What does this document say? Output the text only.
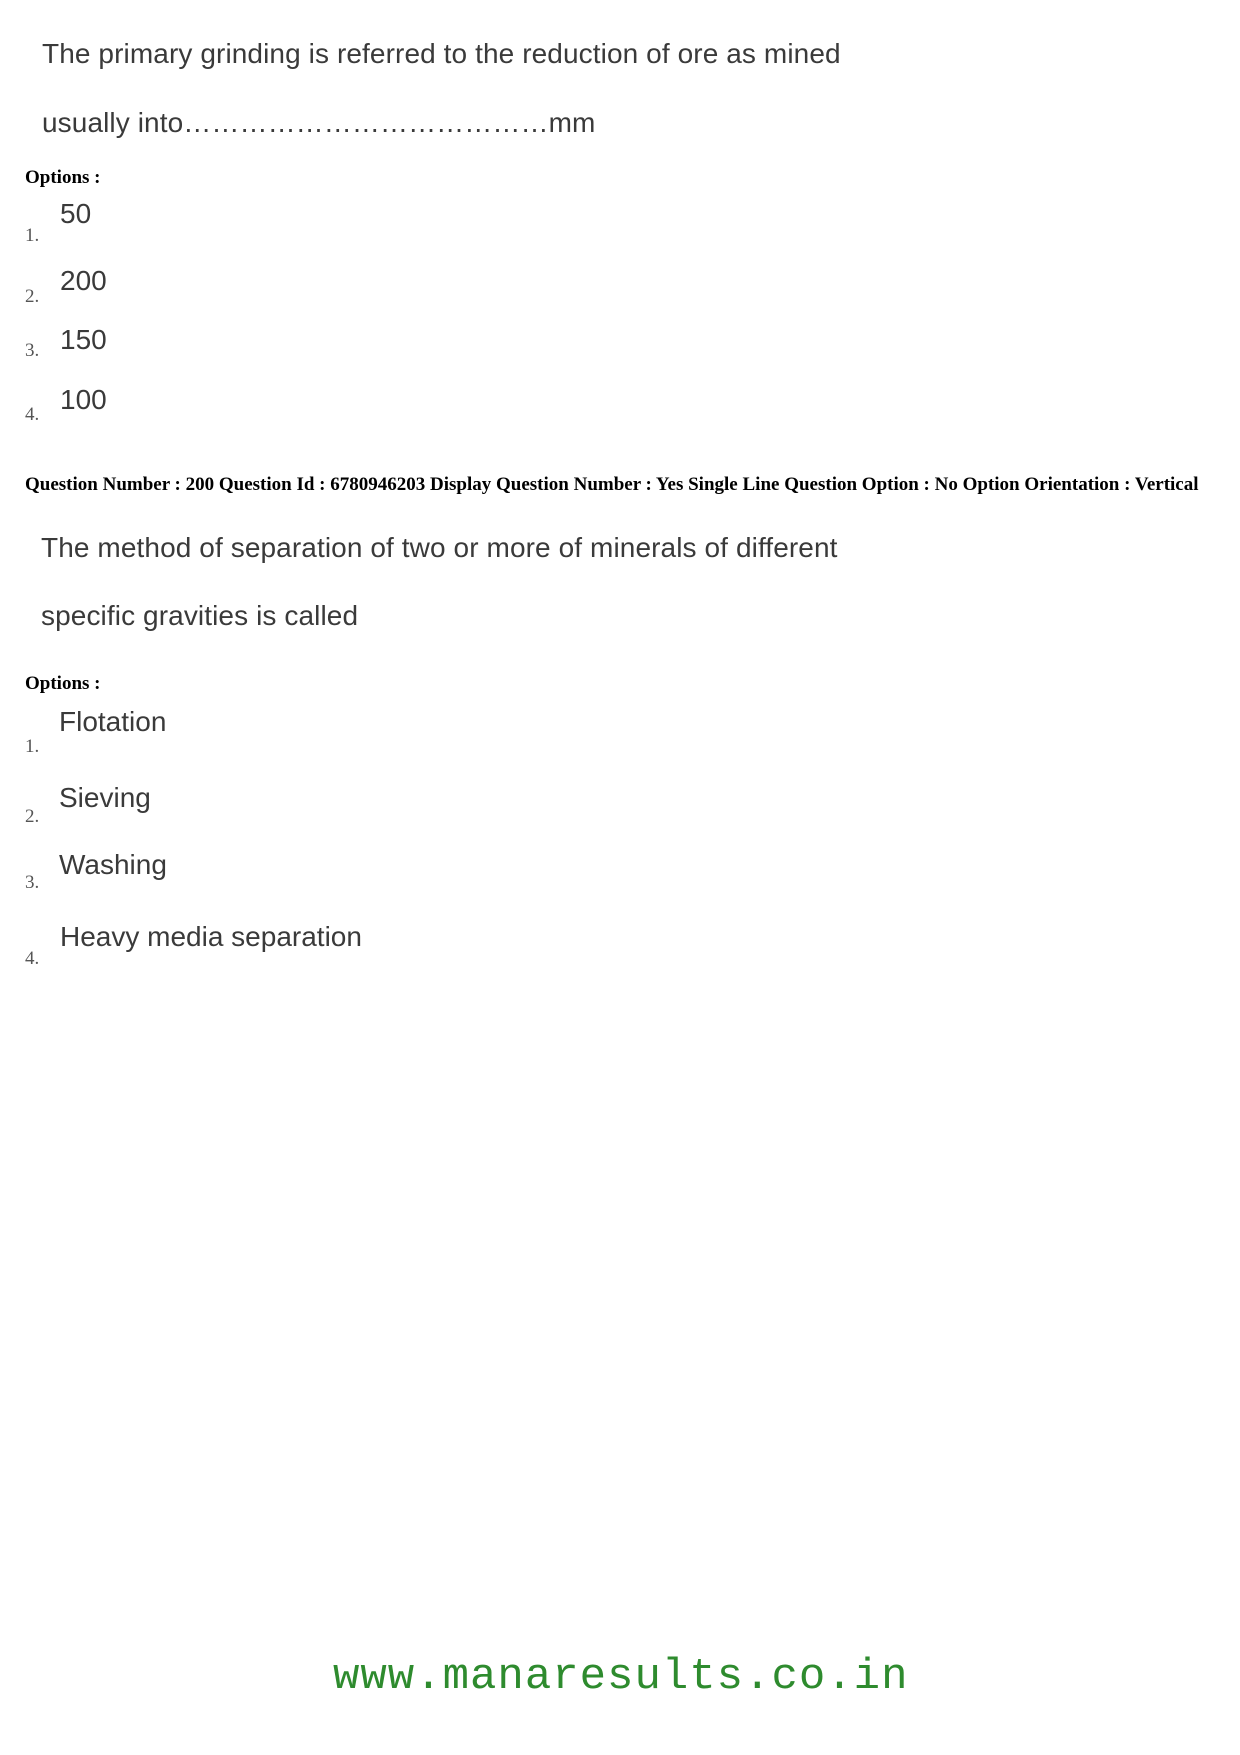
The primary grinding is referred to the reduction of ore as mined
usually into…………………………………mm
Options :
1.
50
2.
200
3. 150
4. 100
Question Number : 200 Question Id : 6780946203 Display Question Number : Yes Single Line Question Option : No Option Orientation : Vertical
The method of separation of two or more of minerals of different
specific gravities is called
Options :
1.
Flotation
2.
Sieving
3.
Washing
4.
Heavy media separation
www.manaresults.co.in
